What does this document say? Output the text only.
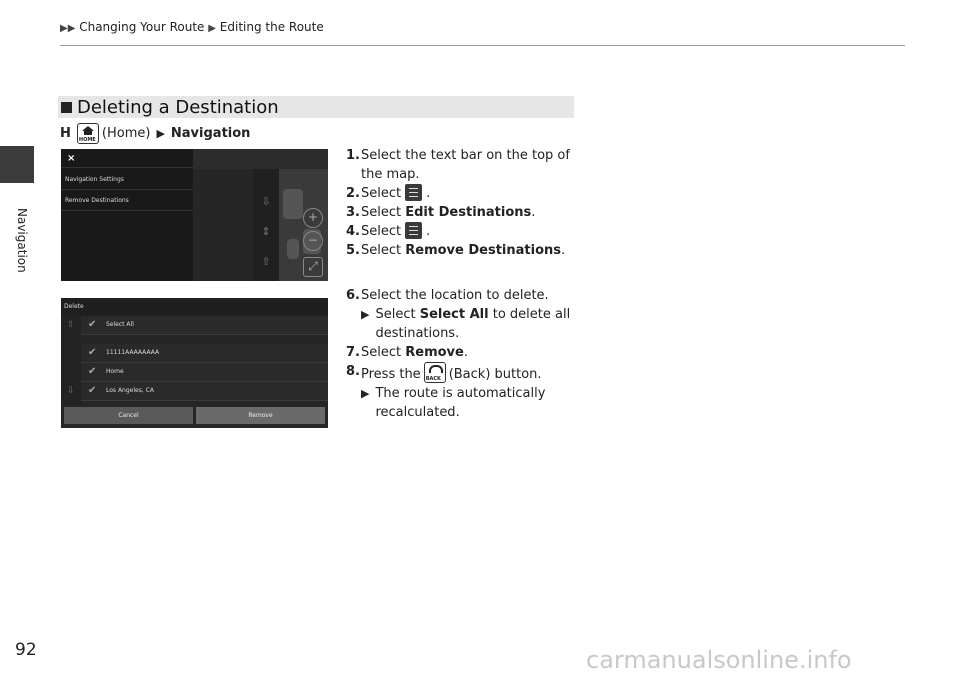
▶▶ Changing Your Route ▶ Editing the Route
Navigation
Deleting a Destination
H HOME (Home) ▶ Navigation
⇩
⇕
⇧
+
−
⤢
×
Navigation Settings
Remove Destinations
Delete
⇧
⇩
✔ Select All
✔ 11111AAAAAAAA
✔ Home
✔ Los Angeles, CA
Cancel	Remove
1. Select the text bar on the top of the map.
2. Select .
3. Select Edit Destinations.
4. Select .
5. Select Remove Destinations.
6. Select the location to delete.
▶ Select Select All to delete all destinations.
7. Select Remove.
8. Press the BACK (Back) button.
▶ The route is automatically recalculated.
92	carmanualsonline.info
